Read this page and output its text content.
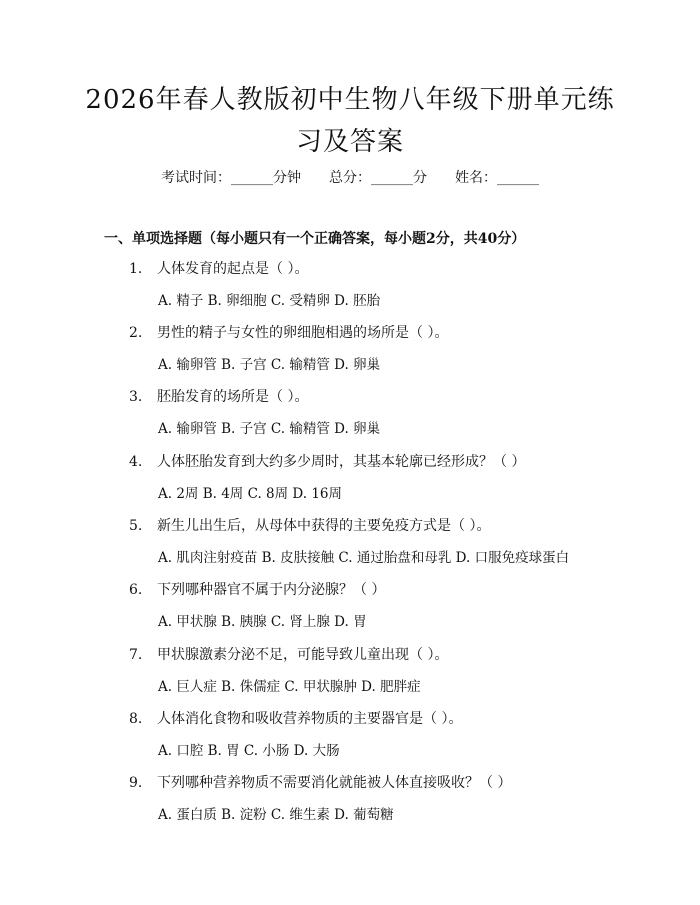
2026年春人教版初中生物八年级下册单元练
习及答案
考试时间：______分钟　　总分：______分　　姓名：______
一、单项选择题（每小题只有一个正确答案，每小题2分，共40分）
1. 人体发育的起点是（ ）。
A. 精子 B. 卵细胞 C. 受精卵 D. 胚胎
2. 男性的精子与女性的卵细胞相遇的场所是（ ）。
A. 输卵管 B. 子宫 C. 输精管 D. 卵巢
3. 胚胎发育的场所是（ ）。
A. 输卵管 B. 子宫 C. 输精管 D. 卵巢
4. 人体胚胎发育到大约多少周时，其基本轮廓已经形成？（ ）
A. 2周 B. 4周 C. 8周 D. 16周
5. 新生儿出生后，从母体中获得的主要免疫方式是（ ）。
A. 肌肉注射疫苗 B. 皮肤接触 C. 通过胎盘和母乳 D. 口服免疫球蛋白
6. 下列哪种器官不属于内分泌腺？（ ）
A. 甲状腺 B. 胰腺 C. 肾上腺 D. 胃
7. 甲状腺激素分泌不足，可能导致儿童出现（ ）。
A. 巨人症 B. 侏儒症 C. 甲状腺肿 D. 肥胖症
8. 人体消化食物和吸收营养物质的主要器官是（ ）。
A. 口腔 B. 胃 C. 小肠 D. 大肠
9. 下列哪种营养物质不需要消化就能被人体直接吸收？（ ）
A. 蛋白质 B. 淀粉 C. 维生素 D. 葡萄糖
